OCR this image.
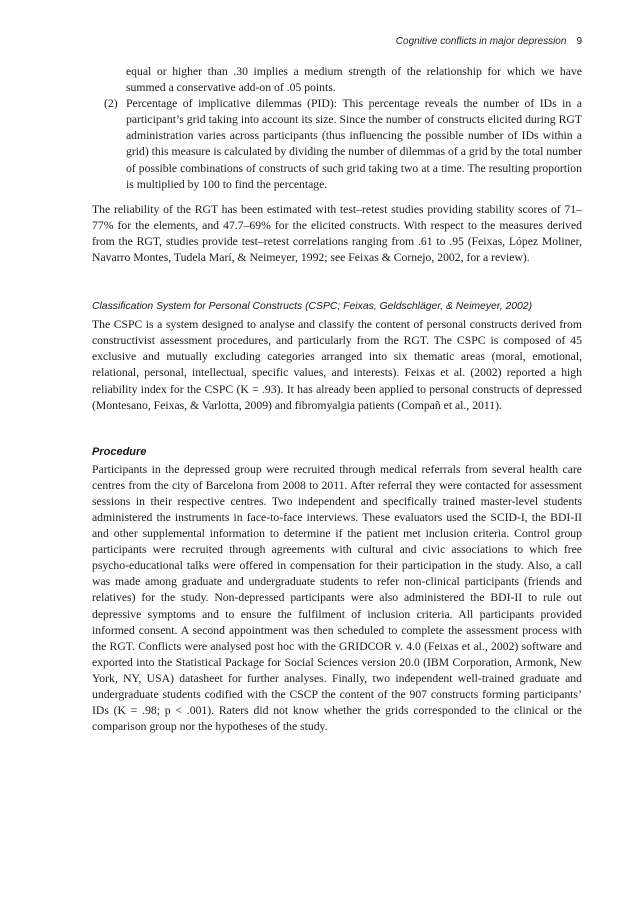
Cognitive conflicts in major depression 9

equal or higher than .30 implies a medium strength of the relationship for which we have summed a conservative add-on of .05 points.

(2) Percentage of implicative dilemmas (PID): This percentage reveals the number of IDs in a participant’s grid taking into account its size. Since the number of constructs elicited during RGT administration varies across participants (thus influencing the possible number of IDs within a grid) this measure is calculated by dividing the number of dilemmas of a grid by the total number of possible combinations of constructs of such grid taking two at a time. The resulting proportion is multiplied by 100 to find the percentage.

The reliability of the RGT has been estimated with test–retest studies providing stability scores of 71–77% for the elements, and 47.7–69% for the elicited constructs. With respect to the measures derived from the RGT, studies provide test–retest correlations ranging from .61 to .95 (Feixas, López Moliner, Navarro Montes, Tudela Marí, & Neimeyer, 1992; see Feixas & Cornejo, 2002, for a review).

Classification System for Personal Constructs (CSPC; Feixas, Geldschläger, & Neimeyer, 2002)

The CSPC is a system designed to analyse and classify the content of personal constructs derived from constructivist assessment procedures, and particularly from the RGT. The CSPC is composed of 45 exclusive and mutually excluding categories arranged into six thematic areas (moral, emotional, relational, personal, intellectual, specific values, and interests). Feixas et al. (2002) reported a high reliability index for the CSPC (K = .93). It has already been applied to personal constructs of depressed (Montesano, Feixas, & Varlotta, 2009) and fibromyalgia patients (Compañ et al., 2011).

Procedure

Participants in the depressed group were recruited through medical referrals from several health care centres from the city of Barcelona from 2008 to 2011. After referral they were contacted for assessment sessions in their respective centres. Two independent and specifically trained master-level students administered the instruments in face-to-face interviews. These evaluators used the SCID-I, the BDI-II and other supplemental information to determine if the patient met inclusion criteria. Control group participants were recruited through agreements with cultural and civic associations to which free psycho-educational talks were offered in compensation for their participation in the study. Also, a call was made among graduate and undergraduate students to refer non-clinical participants (friends and relatives) for the study. Non-depressed participants were also administered the BDI-II to rule out depressive symptoms and to ensure the fulfilment of inclusion criteria. All participants provided informed consent. A second appointment was then scheduled to complete the assessment process with the RGT. Conflicts were analysed post hoc with the GRIDCOR v. 4.0 (Feixas et al., 2002) software and exported into the Statistical Package for Social Sciences version 20.0 (IBM Corporation, Armonk, New York, NY, USA) datasheet for further analyses. Finally, two independent well-trained graduate and undergraduate students codified with the CSCP the content of the 907 constructs forming participants’ IDs (K = .98; p < .001). Raters did not know whether the grids corresponded to the clinical or the comparison group nor the hypotheses of the study.
